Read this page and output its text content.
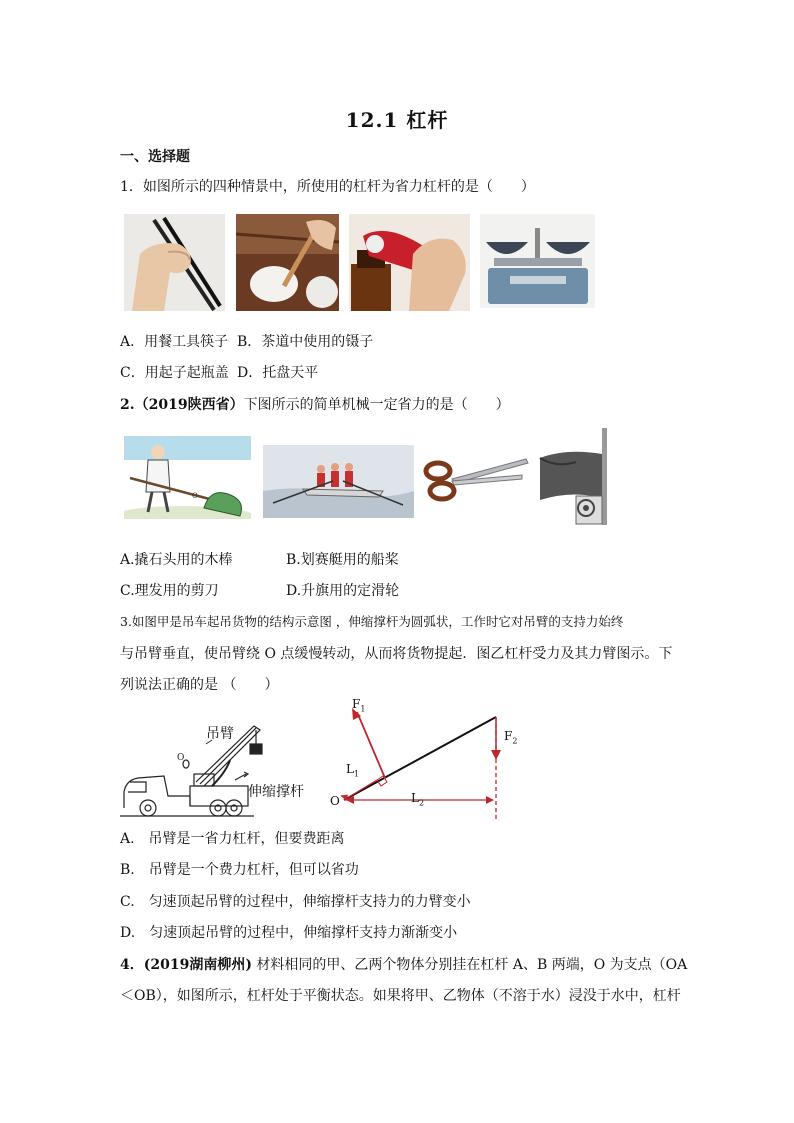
12.1 杠杆
一、选择题
1．如图所示的四种情景中，所使用的杠杆为省力杠杆的是（　　）
A．用餐工具筷子 B．茶道中使用的镊子
C．用起子起瓶盖 D．托盘天平
2.（2019陕西省）下图所示的简单机械一定省力的是（　　）
O
A.撬石头用的木棒	B.划赛艇用的船桨
C.理发用的剪刀	D.升旗用的定滑轮
3.如图甲是吊车起吊货物的结构示意图 ，伸缩撑杆为圆弧状，工作时它对吊臂的支持力始终
与吊臂垂直，使吊臂绕 O 点缓慢转动，从而将货物提起．图乙杠杆受力及其力臂图示。下
列说法正确的是 （　　）
O
吊臂
伸缩撑杆
$F_1$
$F_2$
$L_1$
$L_2$
O
A.　吊臂是一省力杠杆，但要费距离
B.　吊臂是一个费力杠杆，但可以省功
C.　匀速顶起吊臂的过程中，伸缩撑杆支持力的力臂变小
D.　匀速顶起吊臂的过程中，伸缩撑杆支持力渐渐变小
4．(2019湖南柳州) 材料相同的甲、乙两个物体分别挂在杠杆 A、B 两端，O 为支点（OA
＜OB），如图所示，杠杆处于平衡状态。如果将甲、乙物体（不溶于水）浸没于水中，杠杆
